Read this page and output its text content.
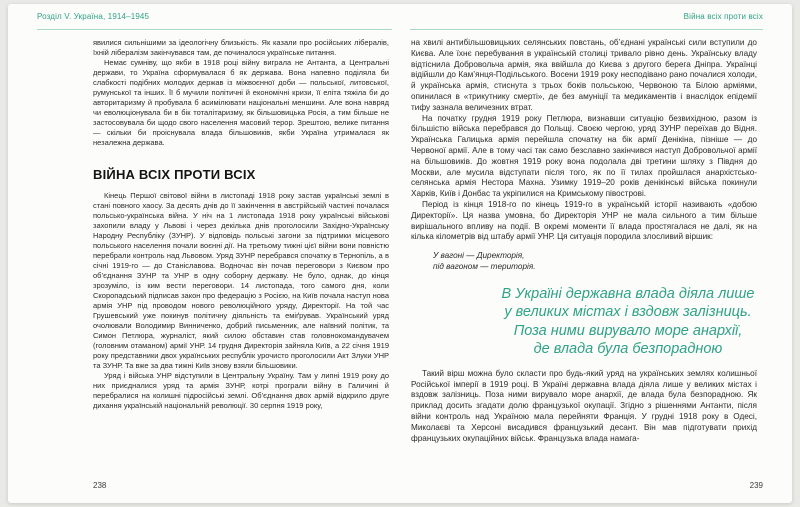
Розділ V. Україна, 1914–1945

явилися сильнішими за ідеологічну близькість. Як казали про російських лібералів, їхній лібералізм закінчувався там, де починалося українське питання.

Немає сумніву, що якби в 1918 році війну виграла не Антанта, а Центральні держави, то Україна сформувалася б як держава. Вона напевно поділяла би слабкості подібних молодих держав із міжвоєнної доби — польської, литовської, румунської та інших. Її б мучили політичні й економічні кризи, її еліта тяжіла би до авторитаризму й пробувала б асимілювати національні меншини. Але вона навряд чи еволюціонувала би в бік тоталітаризму, як більшовицька Росія, а тим більше не застосовувала би щодо свого населення масовий терор. Зрештою, велике питання — скільки би проіснувала влада більшовиків, якби Україна утрималася як незалежна держава.

ВІЙНА ВСІХ ПРОТИ ВСІХ

Кінець Першої світової війни в листопаді 1918 року застав українські землі в стані повного хаосу. За десять днів до її закінчення в австрійській частині почалася польсько-українська війна. У ніч на 1 листопада 1918 року українські військові захопили владу у Львові і через декілька днів проголосили Західно-Українську Народну Республіку (ЗУНР). У відповідь польські загони за підтримки місцевого польського населення почали воєнні дії. На третьому тижні цієї війни вони повністю перебрали контроль над Львовом. Уряд ЗУНР перебрався спочатку в Тернопіль, а в січні 1919-го — до Станіславова. Водночас він почав переговори з Києвом про об’єднання ЗУНР та УНР в одну соборну державу. Не було, однак, до кінця зрозуміло, із ким вести переговори. 14 листопада, того самого дня, коли Скоропадський підписав закон про федерацію з Росією, на Київ почала наступ нова армія УНР під проводом нового революційного уряду, Директорії. На той час Грушевський уже покинув політичну діяльність та еміґрував. Український уряд очолювали Володимир Винниченко, добрий письменник, але наївний політик, та Симон Петлюра, журналіст, який силою обставин став головнокомандувачем (головним отаманом) армії УНР. 14 грудня Директорія зайняла Київ, а 22 січня 1919 року представники двох українських республік урочисто проголосили Акт Злуки УНР та ЗУНР. Та вже за два тижні Київ знову взяли більшовики.

Уряд і війська УНР відступили в Центральну Україну. Там у липні 1919 року до них приєдналися уряд та армія ЗУНР, котрі програли війну в Галичині й перебралися на колишні підросійські землі. Об’єднання двох армій відкрило друге дихання українській національній революції. 30 серпня 1919 року,

238
Війна всіх проти всіх

на хвилі антибільшовицьких селянських повстань, об’єднані українські сили вступили до Києва. Але їхнє перебування в українській столиці тривало рівно день. Українську владу відтіснила Добровольча армія, яка ввійшла до Києва з другого берега Дніпра. Українці відійшли до Кам’янця-Подільського. Восени 1919 року несподівано рано почалися холоди, й українська армія, стиснута з трьох боків польською, Червоною та Білою арміями, опинилася в «трикутнику смерті», де без амуніції та медикаментів і внаслідок епідемії тифу зазнала величезних втрат.

На початку грудня 1919 року Петлюра, визнавши ситуацію безвихідною, разом із більшістю війська перебрався до Польщі. Своєю чергою, уряд ЗУНР переїхав до Відня. Українська Галицька армія перейшла спочатку на бік армії Денікіна, пізніше — до Червоної армії. Але в тому часі так само безславно закінчився наступ Добровольчої армії на більшовиків. До жовтня 1919 року вона подолала дві третини шляху з Півдня до Москви, але мусила відступати після того, як по її тилах пройшлася анархістсько-селянська армія Нестора Махна. Узимку 1919–20 років денікінські війська покинули Харків, Київ і Донбас та укріпилися на Кримському півострові.

Період із кінця 1918-го по кінець 1919-го в українській історії називають «добою Директорії». Ця назва умовна, бо Директорія УНР не мала сильного а тим більше вирішального впливу на події. В окремі моменти її влада простягалася не далі, як на кілька кілометрів від штабу армії УНР. Ця ситуація породила злосливий віршик:

У вагоні — Директорія,
під вагоном — територія.
В Україні державна влада діяла лише
у великих містах і вздовж залізниць.
Поза ними вирувало море анархії,
де влада була безпорадною

Такий вірш можна було скласти про будь-який уряд на українських землях колишньої Російської імперії в 1919 році. В Україні державна влада діяла лише у великих містах і вздовж залізниць. Поза ними вирувало море анархії, де влада була безпорадною. Як приклад досить згадати долю французької окупації. Згідно з рішеннями Антанти, після війни контроль над Україною мала перейняти Франція. У грудні 1918 року в Одесі, Миколаєві та Херсоні висадився французький десант. Він мав підготувати прихід французьких окупаційних військ. Французька влада намага-

239
